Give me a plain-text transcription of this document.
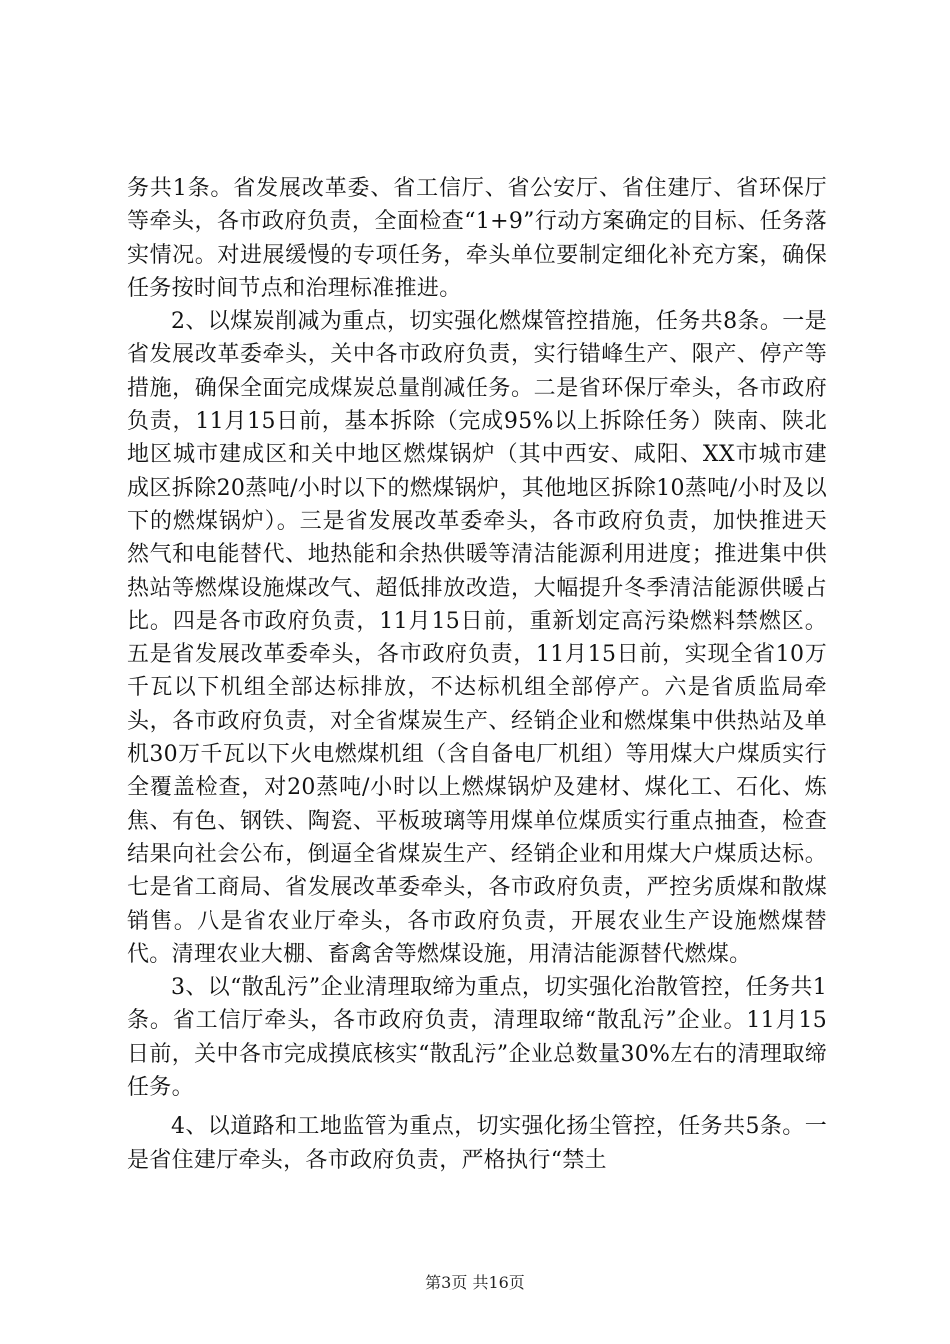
务共1条。省发展改革委、省工信厅、省公安厅、省住建厅、省环保厅等牵头，各市政府负责，全面检查“1+9”行动方案确定的目标、任务落实情况。对进展缓慢的专项任务，牵头单位要制定细化补充方案，确保任务按时间节点和治理标准推进。

2、以煤炭削减为重点，切实强化燃煤管控措施，任务共8条。一是省发展改革委牵头，关中各市政府负责，实行错峰生产、限产、停产等措施，确保全面完成煤炭总量削减任务。二是省环保厅牵头，各市政府负责，11月15日前，基本拆除（完成95%以上拆除任务）陕南、陕北地区城市建成区和关中地区燃煤锅炉（其中西安、咸阳、XX市城市建成区拆除20蒸吨/小时以下的燃煤锅炉，其他地区拆除10蒸吨/小时及以下的燃煤锅炉）。三是省发展改革委牵头，各市政府负责，加快推进天然气和电能替代、地热能和余热供暖等清洁能源利用进度；推进集中供热站等燃煤设施煤改气、超低排放改造，大幅提升冬季清洁能源供暖占比。四是各市政府负责，11月15日前，重新划定高污染燃料禁燃区。五是省发展改革委牵头，各市政府负责，11月15日前，实现全省10万千瓦以下机组全部达标排放，不达标机组全部停产。六是省质监局牵头，各市政府负责，对全省煤炭生产、经销企业和燃煤集中供热站及单机30万千瓦以下火电燃煤机组（含自备电厂机组）等用煤大户煤质实行全覆盖检查，对20蒸吨/小时以上燃煤锅炉及建材、煤化工、石化、炼焦、有色、钢铁、陶瓷、平板玻璃等用煤单位煤质实行重点抽查，检查结果向社会公布，倒逼全省煤炭生产、经销企业和用煤大户煤质达标。七是省工商局、省发展改革委牵头，各市政府负责，严控劣质煤和散煤销售。八是省农业厅牵头，各市政府负责，开展农业生产设施燃煤替代。清理农业大棚、畜禽舍等燃煤设施，用清洁能源替代燃煤。

3、以“散乱污”企业清理取缔为重点，切实强化治散管控，任务共1条。省工信厅牵头，各市政府负责，清理取缔“散乱污”企业。11月15日前，关中各市完成摸底核实“散乱污”企业总数量30%左右的清理取缔任务。

4、以道路和工地监管为重点，切实强化扬尘管控，任务共5条。一是省住建厅牵头，各市政府负责，严格执行“禁土

第3页 共16页
